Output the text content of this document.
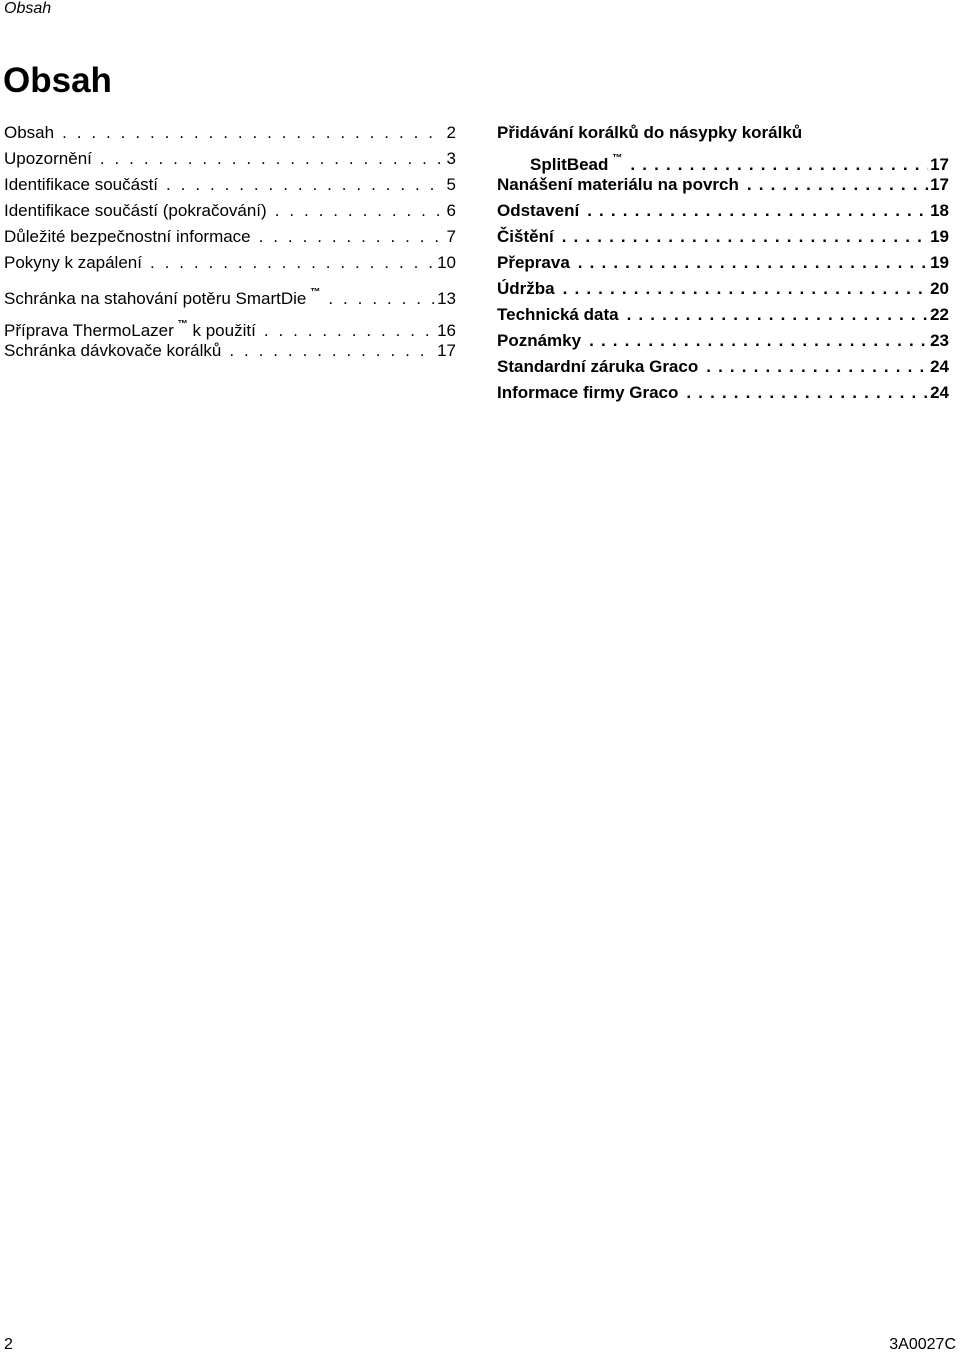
Obsah
Obsah
Obsah . . .	2
Upozornění . . .	3
Identifikace součástí . . .	5
Identifikace součástí (pokračování) . . .	6
Důležité bezpečnostní informace . . .	7
Pokyny k zapálení . . .	10
Schránka na stahování potěru SmartDie ™ . . .	13
Příprava ThermoLazer ™ k použití . . .	16
Schránka dávkovače korálků . . .	17
Přidávání korálků do násypky korálků
SplitBead ™ . . .	17
Nanášení materiálu na povrch . . .	17
Odstavení . . .	18
Čištění . . .	19
Přeprava . . .	19
Údržba . . .	20
Technická data . . .	22
Poznámky . . .	23
Standardní záruka Graco . . .	24
Informace firmy Graco . . .	24
2	3A0027C
